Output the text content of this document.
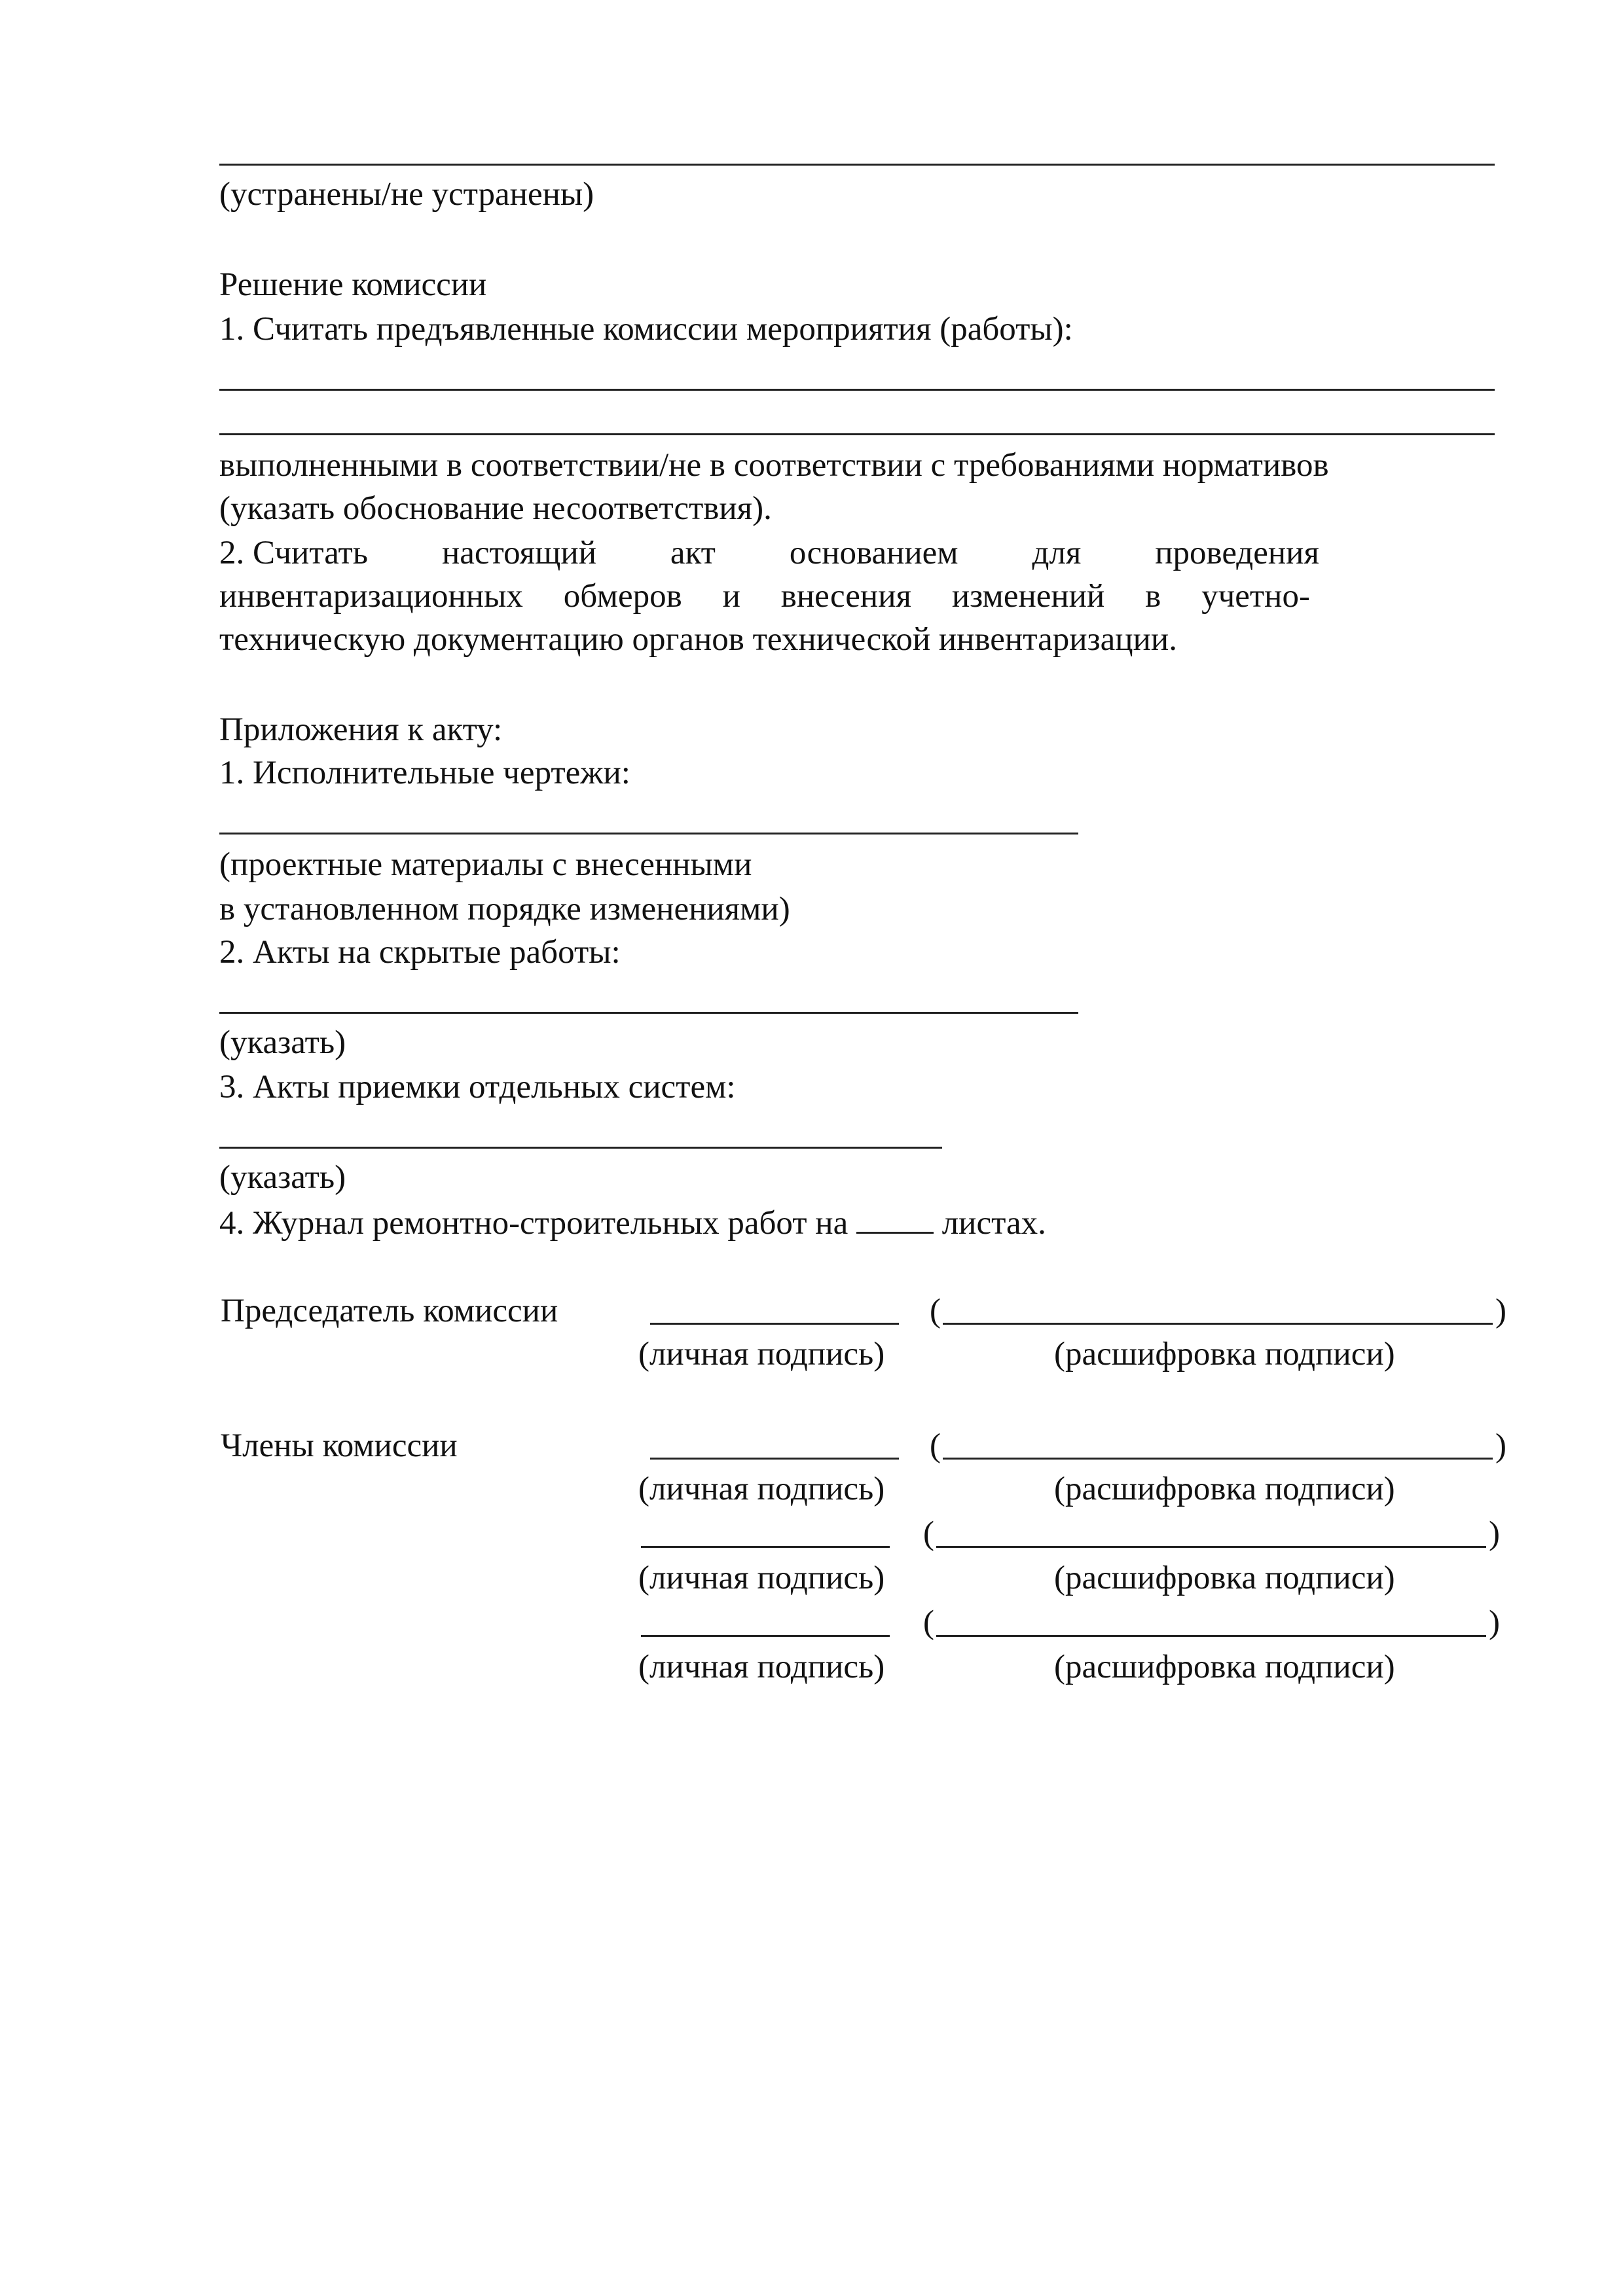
(устранены/не устранены)
Решение комиссии
1. Считать предъявленные комиссии мероприятия (работы):
выполненными в соответствии/не в соответствии с требованиями нормативов
(указать обоснование несоответствия).
2. Считать настоящий акт основанием для проведения
инвентаризационных обмеров и внесения изменений в учетно-
техническую документацию органов технической инвентаризации.
Приложения к акту:
1. Исполнительные чертежи:
(проектные материалы с внесенными
в установленном порядке изменениями)
2. Акты на скрытые работы:
(указать)
3. Акты приемки отдельных систем:
(указать)
4. Журнал ремонтно-строительных работ на	листах.
Председатель комиссии	(	)
(личная подпись)	(расшифровка подписи)
Члены комиссии	(	)
(личная подпись)	(расшифровка подписи)
(	)
(личная подпись)	(расшифровка подписи)
(	)
(личная подпись)	(расшифровка подписи)
